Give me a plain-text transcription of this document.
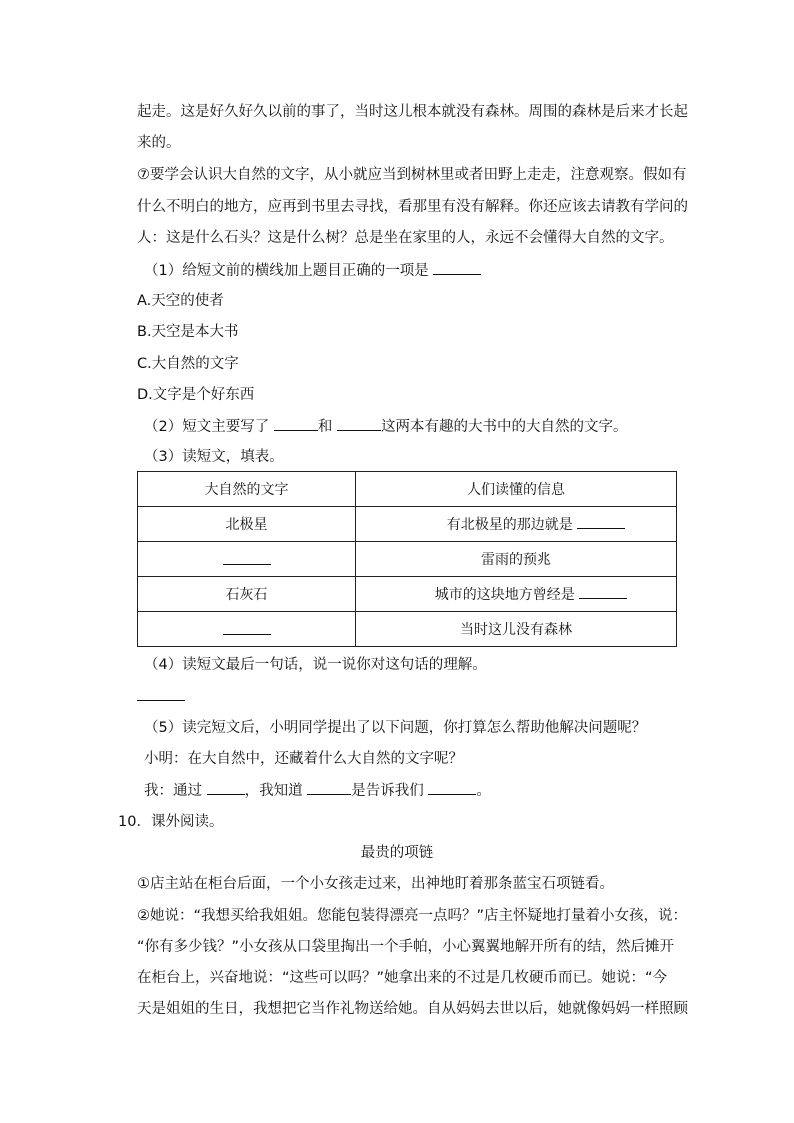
起走。这是好久好久以前的事了，当时这儿根本就没有森林。周围的森林是后来才长起
来的。
⑦要学会认识大自然的文字，从小就应当到树林里或者田野上走走，注意观察。假如有
什么不明白的地方，应再到书里去寻找，看那里有没有解释。你还应该去请教有学问的
人：这是什么石头？这是什么树？总是坐在家里的人，永远不会懂得大自然的文字。
（1）给短文前的横线加上题目正确的一项是
A.天空的使者
B.天空是本大书
C.大自然的文字
D.文字是个好东西
（2）短文主要写了	和	这两本有趣的大书中的大自然的文字。
（3）读短文，填表。
大自然的文字	人们读懂的信息
北极星	有北极星的那边就是
	雷雨的预兆
石灰石	城市的这块地方曾经是
	当时这儿没有森林
（4）读短文最后一句话，说一说你对这句话的理解。
（5）读完短文后，小明同学提出了以下问题，你打算怎么帮助他解决问题呢？
小明：在大自然中，还藏着什么大自然的文字呢？
我：通过	，我知道	是告诉我们	。
10．课外阅读。
最贵的项链
①店主站在柜台后面，一个小女孩走过来，出神地盯着那条蓝宝石项链看。
②她说：“我想买给我姐姐。您能包装得漂亮一点吗？”店主怀疑地打量着小女孩，说：
“你有多少钱？”小女孩从口袋里掏出一个手帕，小心翼翼地解开所有的结，然后摊开
在柜台上，兴奋地说：“这些可以吗？”她拿出来的不过是几枚硬币而已。她说：“今
天是姐姐的生日，我想把它当作礼物送给她。自从妈妈去世以后，她就像妈妈一样照顾
